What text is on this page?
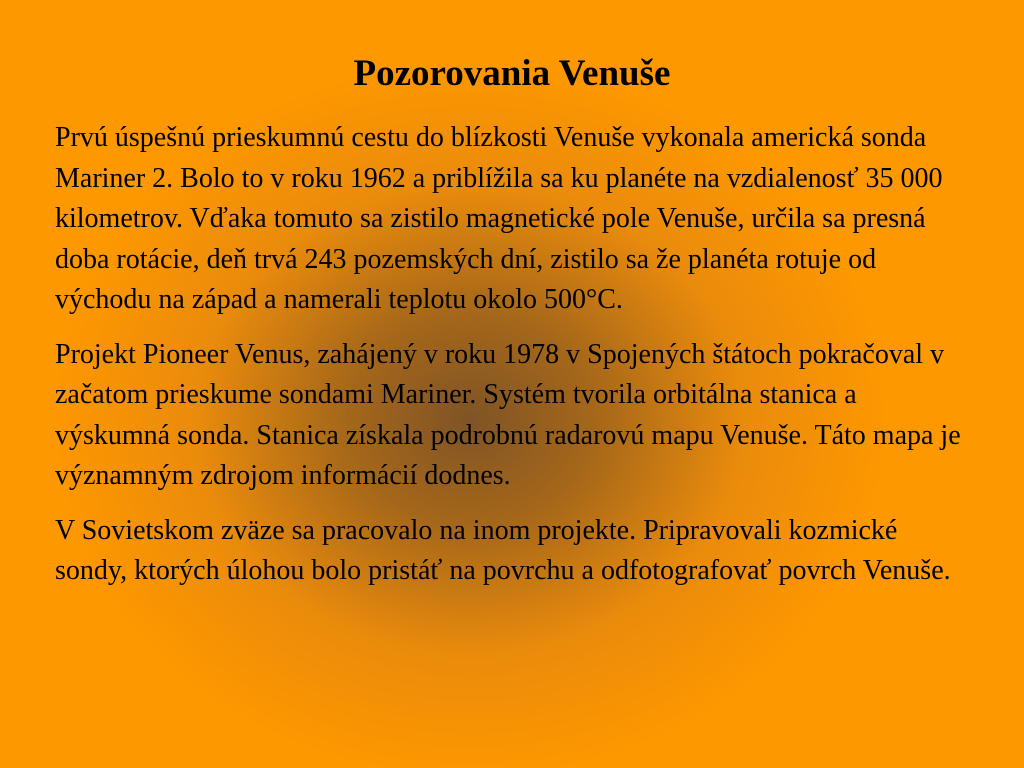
Pozorovania Venuše

Prvú úspešnú prieskumnú cestu do blízkosti Venuše vykonala americká sonda Mariner 2. Bolo to v roku 1962 a priblížila sa ku planéte na vzdialenosť 35 000 kilometrov. Vďaka tomuto sa zistilo magnetické pole Venuše, určila sa presná doba rotácie, deň trvá 243 pozemských dní, zistilo sa že planéta rotuje od východu na západ a namerali teplotu okolo 500°C.

Projekt Pioneer Venus, zahájený v roku 1978 v Spojených štátoch pokračoval v začatom prieskume sondami Mariner. Systém tvorila orbitálna stanica a výskumná sonda. Stanica získala podrobnú radarovú mapu Venuše. Táto mapa je významným zdrojom informácií dodnes.

V Sovietskom zväze sa pracovalo na inom projekte. Pripravovali kozmické sondy, ktorých úlohou bolo pristáť na povrchu a odfotografovať povrch Venuše.
